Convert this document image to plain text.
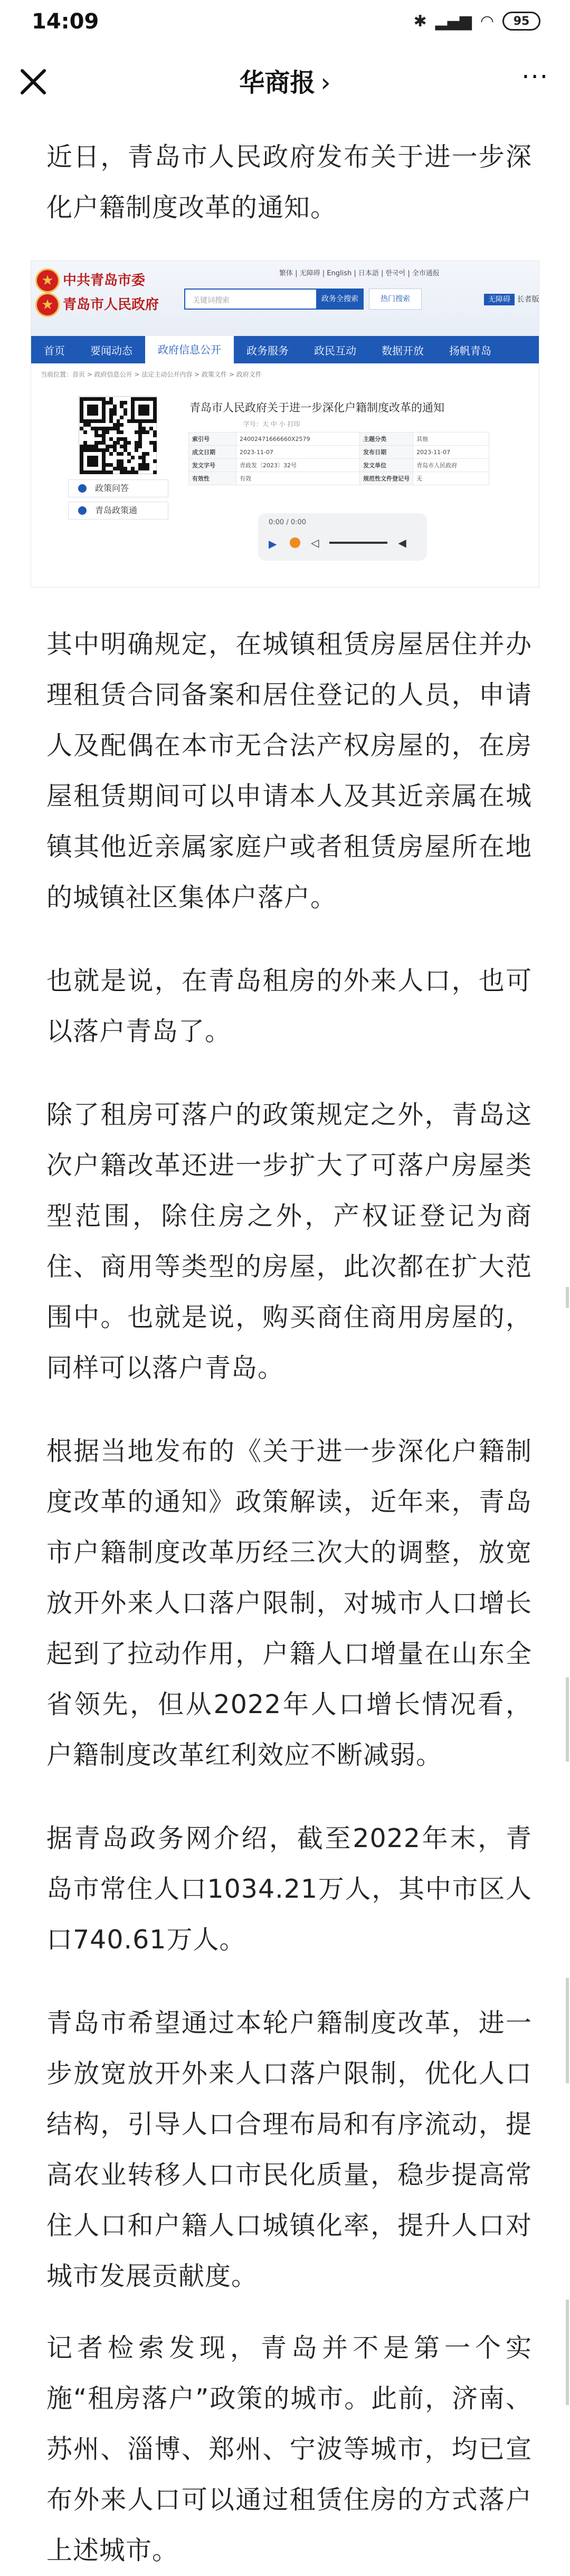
14:09	✱ ▂▄▆ ◠	95
华商报 ›	···

近日，青岛市人民政府发布关于进一步深化户籍制度改革的通知。

★ 中共青岛市委
★ 青岛市人民政府
繁体 | 无障碍 | English | 日本語 | 한국어 | 全市通报
关键词搜索	政务全搜索	热门搜索	无障碍 长者版
首页	要闻动态	政府信息公开	政务服务	政民互动	数据开放	扬帆青岛
当前位置：首页 > 政府信息公开 > 法定主动公开内容 > 政策文件 > 政府文件
政策问答
青岛政策通
青岛市人民政府关于进一步深化户籍制度改革的通知
字号：大 中 小 打印
索引号	24002471666660X2579	主题分类	其他
成文日期	2023-11-07	发布日期	2023-11-07
发文字号	青政发〔2023〕32号	发文单位	青岛市人民政府
有效性	有效	规范性文件登记号	无
0:00 / 0:00
▶	◁	◀

其中明确规定，在城镇租赁房屋居住并办理租赁合同备案和居住登记的人员，申请人及配偶在本市无合法产权房屋的，在房屋租赁期间可以申请本人及其近亲属在城镇其他近亲属家庭户或者租赁房屋所在地的城镇社区集体户落户。

也就是说，在青岛租房的外来人口，也可以落户青岛了。

除了租房可落户的政策规定之外，青岛这次户籍改革还进一步扩大了可落户房屋类型范围，除住房之外，产权证登记为商住、商用等类型的房屋，此次都在扩大范围中。也就是说，购买商住商用房屋的，同样可以落户青岛。

根据当地发布的《关于进一步深化户籍制度改革的通知》政策解读，近年来，青岛市户籍制度改革历经三次大的调整，放宽放开外来人口落户限制，对城市人口增长起到了拉动作用，户籍人口增量在山东全省领先，但从2022年人口增长情况看，户籍制度改革红利效应不断减弱。

据青岛政务网介绍，截至2022年末，青岛市常住人口1034.21万人，其中市区人口740.61万人。

青岛市希望通过本轮户籍制度改革，进一步放宽放开外来人口落户限制，优化人口结构，引导人口合理布局和有序流动，提高农业转移人口市民化质量，稳步提高常住人口和户籍人口城镇化率，提升人口对城市发展贡献度。

记者检索发现，青岛并不是第一个实施“租房落户”政策的城市。此前，济南、苏州、淄博、郑州、宁波等城市，均已宣布外来人口可以通过租赁住房的方式落户上述城市。
